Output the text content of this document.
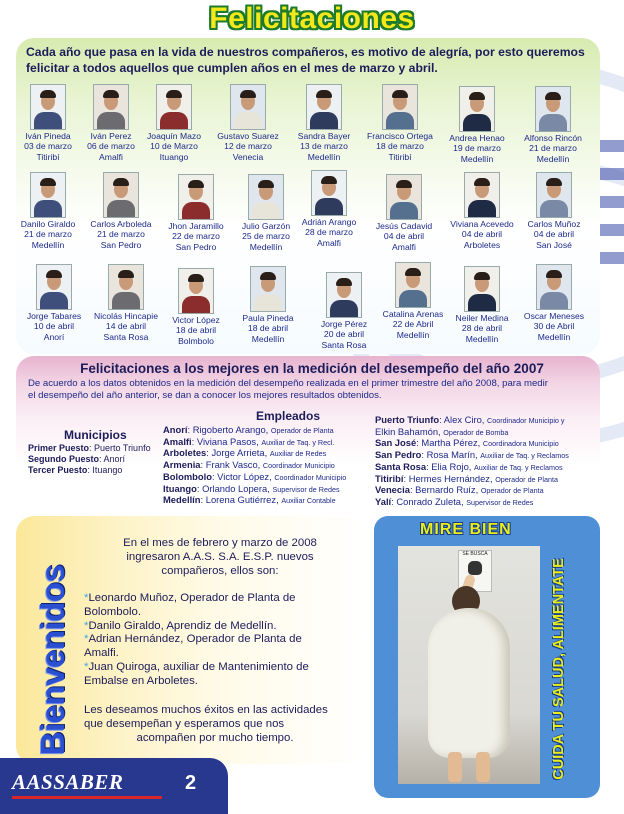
Felicitaciones
Cada año que pasa en la vida de nuestros compañeros, es motivo de alegría, por esto queremos felicitar a todos aquellos que cumplen años en el mes de marzo y abril.
Iván Pineda
03 de marzo
Titiribí
Iván Perez
06 de marzo
Amalfi
Joaquín Mazo
10 de Marzo
Ituango
Gustavo Suarez
12 de marzo
Venecia
Sandra Bayer
13 de marzo
Medellín
Francisco Ortega
18 de marzo
Titiribí
Andrea Henao
19 de marzo
Medellín
Alfonso Rincón
21 de marzo
Medellín
Danilo Giraldo
21 de marzo
Medellín
Carlos Arboleda
21 de marzo
San Pedro
Jhon Jaramillo
22 de marzo
San Pedro
Julio Garzón
25 de marzo
Medellín
Adrián Arango
28 de marzo
Amalfi
Jesús Cadavid
04 de abril
Amalfi
Viviana Acevedo
04 de abril
Arboletes
Carlos Muñoz
04 de abril
San José
Jorge Tabares
10 de abril
Anorí
Nicolás Hincapie
14 de abril
Santa Rosa
Victor López
18 de abril
Bolmbolo
Paula Pineda
18 de abril
Medellín
Jorge Pérez
20 de abril
Santa Rosa
Catalina Arenas
22 de Abril
Medellín
Neiler Medina
28 de abril
Medellín
Oscar Meneses
30 de Abril
Medellín
Felicitaciones a los mejores en la medición del desempeño del año 2007
De acuerdo a los datos obtenidos en la medición del desempeño realizada en el primer trimestre del año 2008, para medir
el desempeño del año anterior, se dan a conocer los mejores resultados obtenidos.
Municipios
Primer Puesto: Puerto Triunfo
Segundo Puesto: Anorí
Tercer Puesto: Ituango
Empleados
Anorí: Rigoberto Arango, Operador de Planta
Amalfi: Viviana Pasos, Auxiliar de Taq. y Recl.
Arboletes: Jorge Arrieta, Auxiliar de Redes
Armenia: Frank Vasco, Coordinador Municipio
Bolombolo: Victor López, Coordinador Municipio
Ituango: Orlando Lopera, Supervisor de Redes
Medellín: Lorena Gutiérrez, Auxiliar Contable
Puerto Triunfo: Alex Ciro, Coordinador Municipio y
Elkin Bahamón, Operador de Bomba
San José: Martha Pérez, Coordinadora Municipio
San Pedro: Rosa Marín, Auxiliar de Taq. y Reclamos
Santa Rosa: Elia Rojo, Auxiliar de Taq. y Reclamos
Titiribí: Hermes Hernández, Operador de Planta
Venecia: Bernardo Ruíz, Operador de Planta
Yalí: Conrado Zuleta, Supervisor de Redes
Bienvenidos
En el mes de febrero y marzo de 2008
ingresaron A.A.S. S.A. E.S.P. nuevos
compañeros, ellos son:
*Leonardo Muñoz, Operador de Planta de
Bolombolo.
*Danilo Giraldo, Aprendiz de Medellín.
*Adrian Hernández, Operador de Planta de
Amalfi.
*Juan Quiroga, auxiliar de Mantenimiento de
Embalse en Arboletes.
Les deseamos muchos éxitos en las actividades
que desempeñan y esperamos que nos
acompañen por mucho tiempo.
MIRE BIEN
SE BUSCA
CUIDA TU SALUD, ALIMENTATE
AASSABER	2
